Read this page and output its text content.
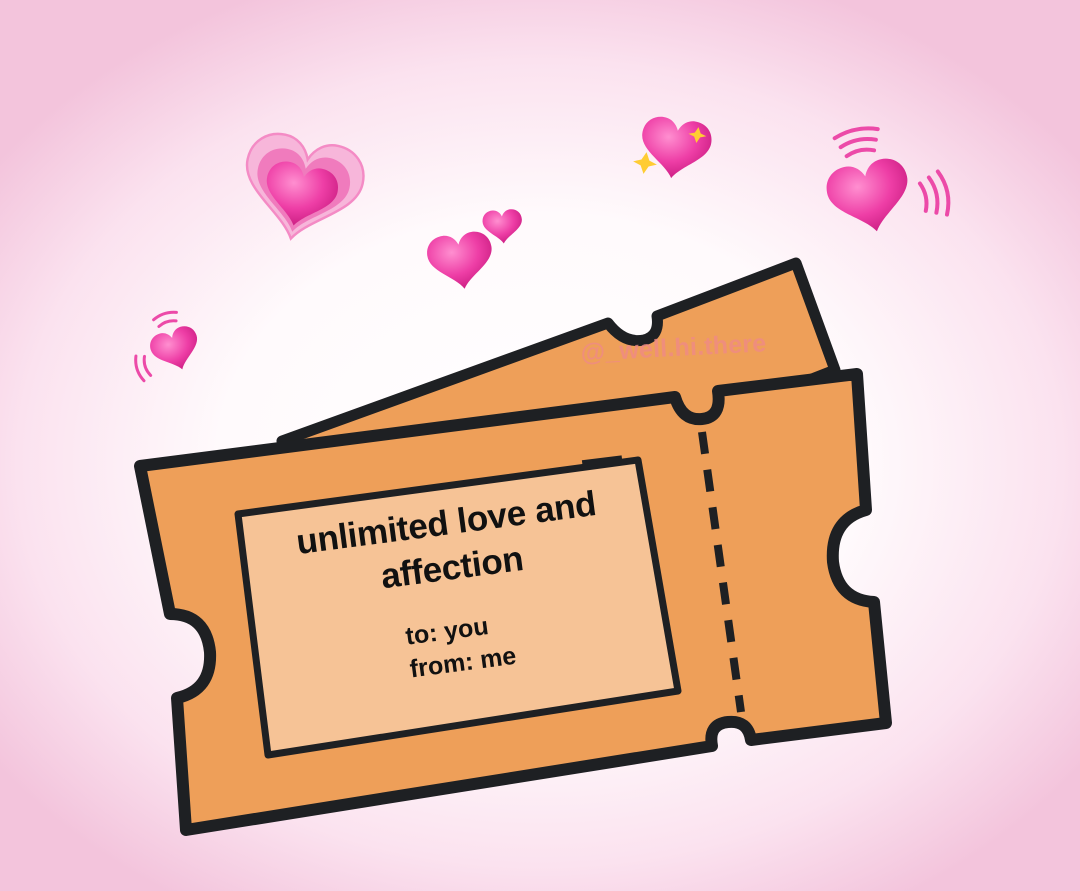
@_well.hi.there
unlimited love and affection
to: you
from: me
